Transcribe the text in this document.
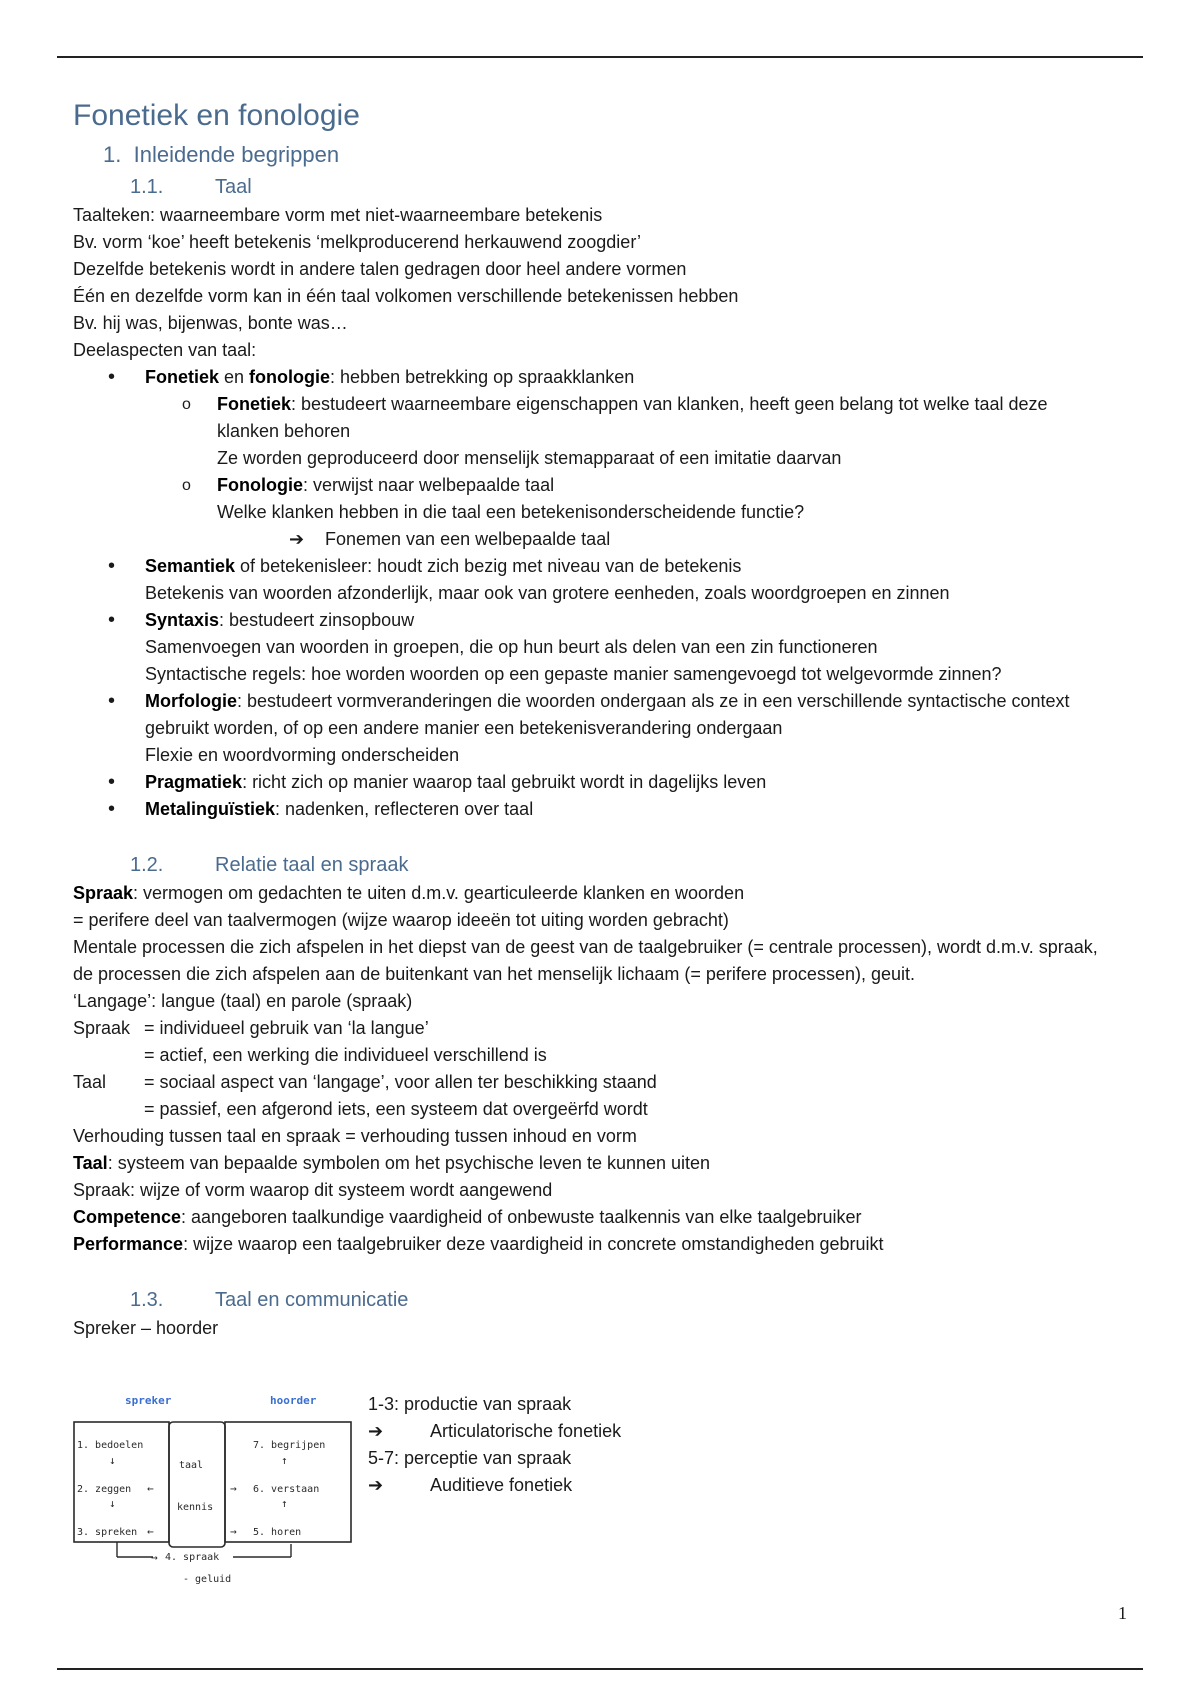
Fonetiek en fonologie
1. Inleidende begrippen
1.1.	Taal
Taalteken: waarneembare vorm met niet-waarneembare betekenis
Bv. vorm ‘koe’ heeft betekenis ‘melkproducerend herkauwend zoogdier’
Dezelfde betekenis wordt in andere talen gedragen door heel andere vormen
Één en dezelfde vorm kan in één taal volkomen verschillende betekenissen hebben
Bv. hij was, bijenwas, bonte was…
Deelaspecten van taal:
• Fonetiek en fonologie: hebben betrekking op spraakklanken
o Fonetiek: bestudeert waarneembare eigenschappen van klanken, heeft geen belang tot welke taal deze klanken behoren
Ze worden geproduceerd door menselijk stemapparaat of een imitatie daarvan
o Fonologie: verwijst naar welbepaalde taal
Welke klanken hebben in die taal een betekenisonderscheidende functie?
➔	Fonemen van een welbepaalde taal
• Semantiek of betekenisleer: houdt zich bezig met niveau van de betekenis
Betekenis van woorden afzonderlijk, maar ook van grotere eenheden, zoals woordgroepen en zinnen
• Syntaxis: bestudeert zinsopbouw
Samenvoegen van woorden in groepen, die op hun beurt als delen van een zin functioneren
Syntactische regels: hoe worden woorden op een gepaste manier samengevoegd tot welgevormde zinnen?
• Morfologie: bestudeert vormveranderingen die woorden ondergaan als ze in een verschillende syntactische context gebruikt worden, of op een andere manier een betekenisverandering ondergaan
Flexie en woordvorming onderscheiden
• Pragmatiek: richt zich op manier waarop taal gebruikt wordt in dagelijks leven
• Metalinguïstiek: nadenken, reflecteren over taal
1.2.	Relatie taal en spraak
Spraak: vermogen om gedachten te uiten d.m.v. gearticuleerde klanken en woorden
= perifere deel van taalvermogen (wijze waarop ideeën tot uiting worden gebracht)
Mentale processen die zich afspelen in het diepst van de geest van de taalgebruiker (= centrale processen), wordt d.m.v. spraak, de processen die zich afspelen aan de buitenkant van het menselijk lichaam (= perifere processen), geuit.
‘Langage’: langue (taal) en parole (spraak)
Spraak = individueel gebruik van ‘la langue’
= actief, een werking die individueel verschillend is
Taal	= sociaal aspect van ‘langage’, voor allen ter beschikking staand
= passief, een afgerond iets, een systeem dat overgeërfd wordt
Verhouding tussen taal en spraak = verhouding tussen inhoud en vorm
Taal: systeem van bepaalde symbolen om het psychische leven te kunnen uiten
Spraak: wijze of vorm waarop dit systeem wordt aangewend
Competence: aangeboren taalkundige vaardigheid of onbewuste taalkennis van elke taalgebruiker
Performance: wijze waarop een taalgebruiker deze vaardigheid in concrete omstandigheden gebruikt
1.3.	Taal en communicatie
Spreker – hoorder
spreker	hoorder
1. bedoelen
↓
2. zeggen
↓
3. spreken
taal
kennis
←
←
7. begrijpen
↑
6. verstaan
↑
5. horen
→
→
→ 4. spraak
- geluid
1-3: productie van spraak
➔	Articulatorische fonetiek
5-7: perceptie van spraak
➔	Auditieve fonetiek
1
